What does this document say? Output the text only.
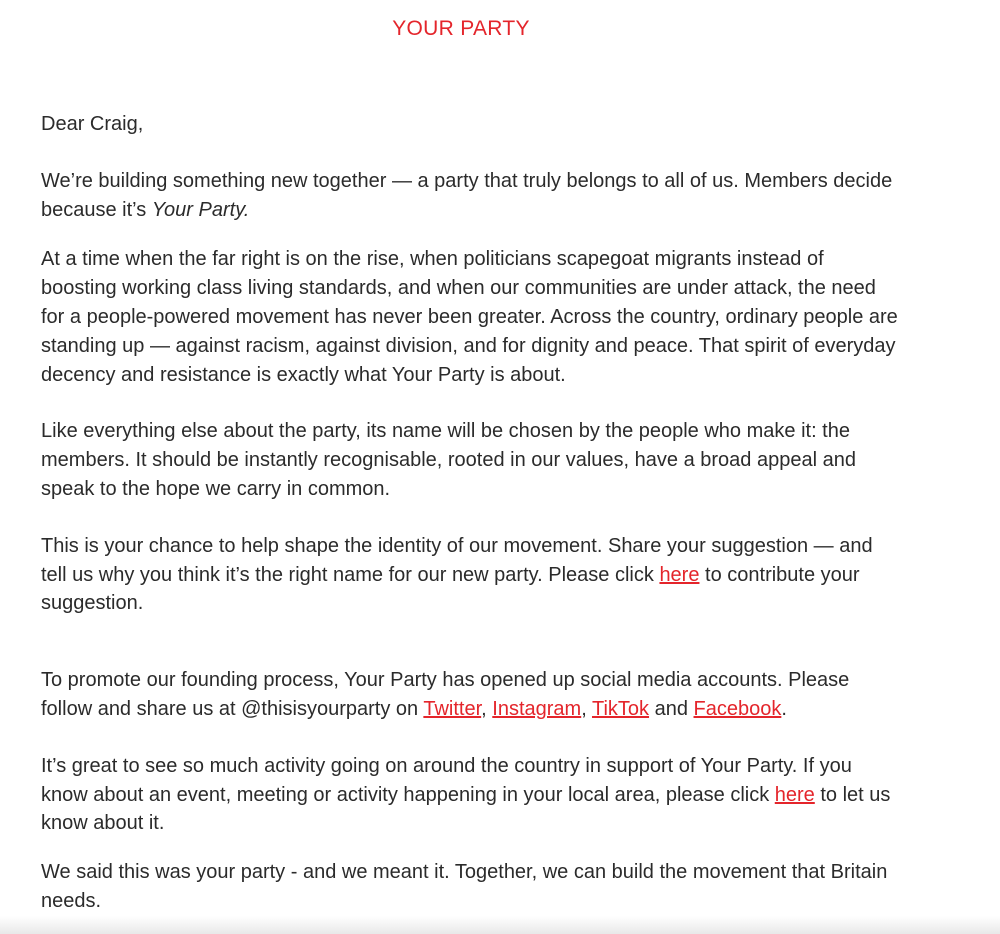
YOUR PARTY

Dear Craig,

We’re building something new together — a party that truly belongs to all of us. Members decide because it’s Your Party.

At a time when the far right is on the rise, when politicians scapegoat migrants instead of boosting working class living standards, and when our communities are under attack, the need for a people-powered movement has never been greater. Across the country, ordinary people are standing up — against racism, against division, and for dignity and peace. That spirit of everyday decency and resistance is exactly what Your Party is about.

Like everything else about the party, its name will be chosen by the people who make it: the members. It should be instantly recognisable, rooted in our values, have a broad appeal and speak to the hope we carry in common.

This is your chance to help shape the identity of our movement. Share your suggestion — and tell us why you think it’s the right name for our new party. Please click here to contribute your suggestion.

To promote our founding process, Your Party has opened up social media accounts. Please follow and share us at @thisisyourparty on Twitter, Instagram, TikTok and Facebook.

It’s great to see so much activity going on around the country in support of Your Party. If you know about an event, meeting or activity happening in your local area, please click here to let us know about it.

We said this was your party - and we meant it. Together, we can build the movement that Britain needs.
